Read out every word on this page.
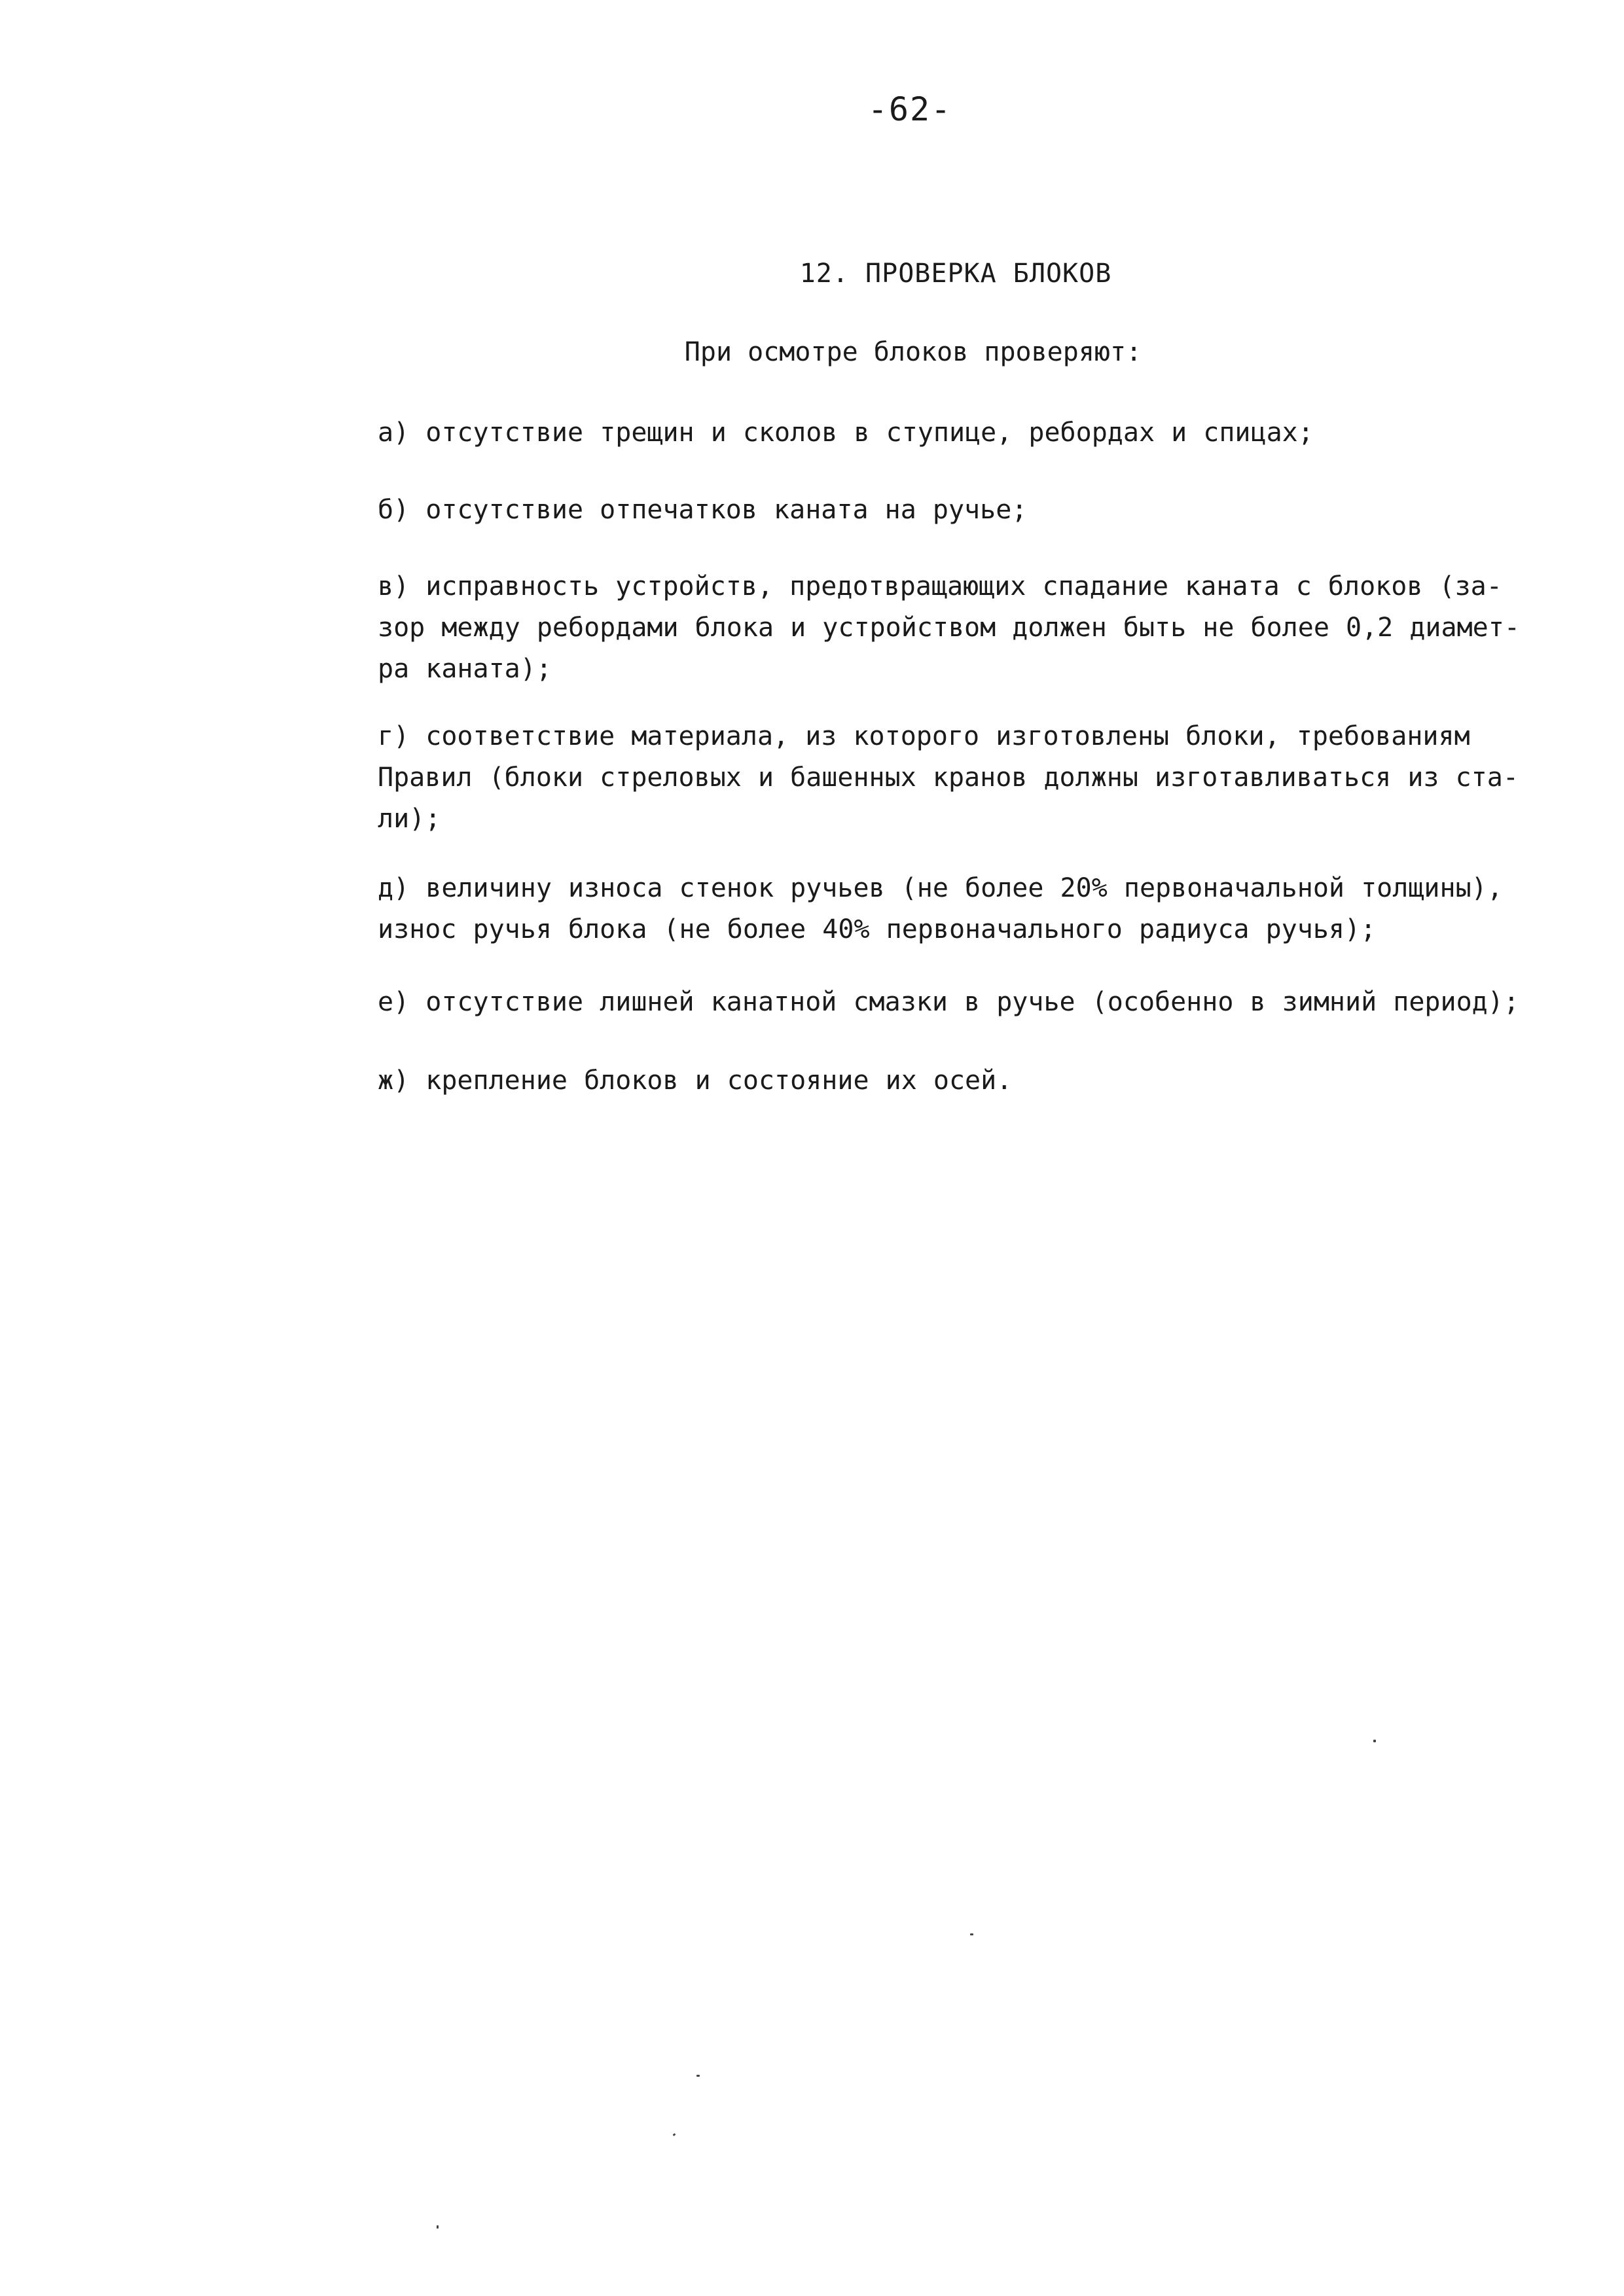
-62-
12. ПРОВЕРКА БЛОКОВ
При осмотре блоков проверяют:
а) отсутствие трещин и сколов в ступице, ребордах и спицах;
б) отсутствие отпечатков каната на ручье;
в) исправность устройств, предотвращающих спадание каната с блоков (за-
зор между ребордами блока и устройством должен быть не более 0,2 диамет-
ра каната);
г) соответствие материала, из которого изготовлены блоки, требованиям
Правил (блоки стреловых и башенных кранов должны изготавливаться из ста-
ли);
д) величину износа стенок ручьев (не более 20% первоначальной толщины),
износ ручья блока (не более 40% первоначального радиуса ручья);
е) отсутствие лишней канатной смазки в ручье (особенно в зимний период);
ж) крепление блоков и состояние их осей.
